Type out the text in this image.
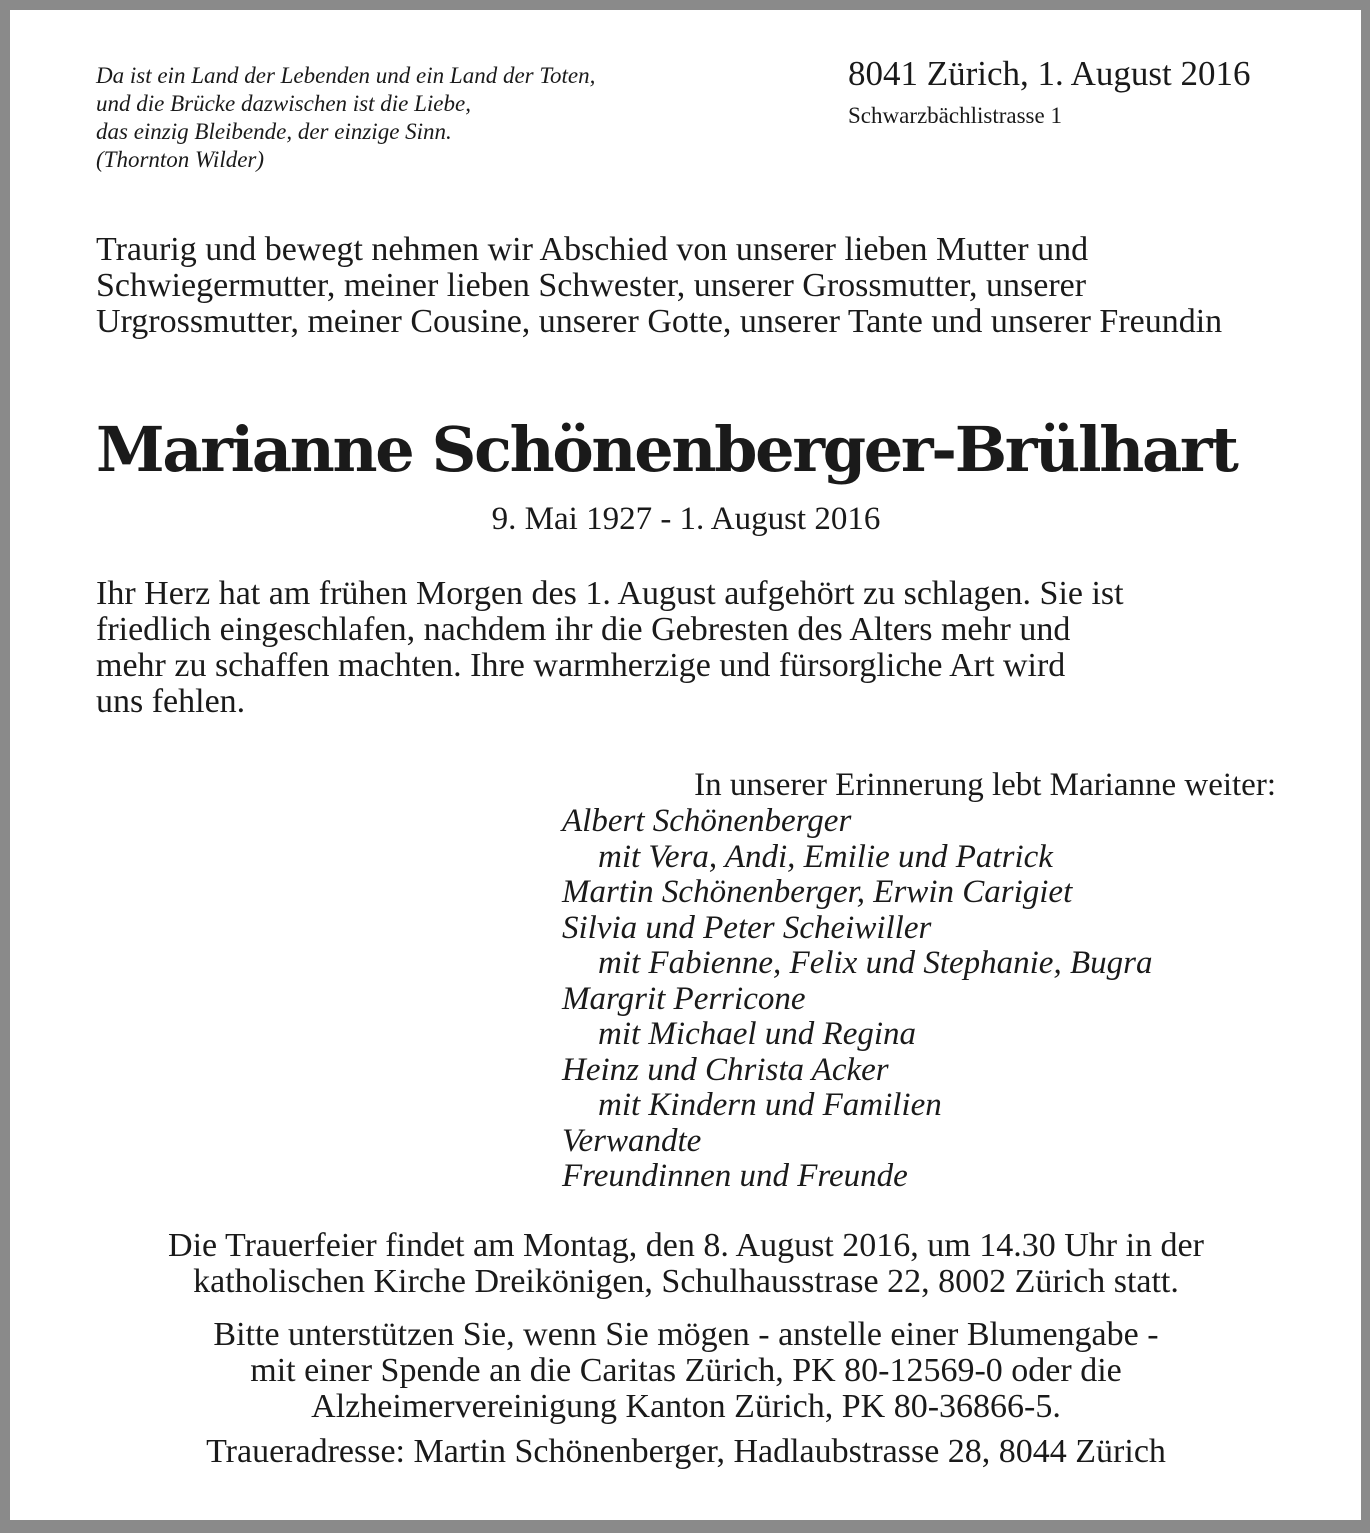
Da ist ein Land der Lebenden und ein Land der Toten,
und die Brücke dazwischen ist die Liebe,
das einzig Bleibende, der einzige Sinn.
(Thornton Wilder)
8041 Zürich, 1. August 2016
Schwarzbächlistrasse 1

Traurig und bewegt nehmen wir Abschied von unserer lieben Mutter und Schwiegermutter, meiner lieben Schwester, unserer Grossmutter, unserer Urgrossmutter, meiner Cousine, unserer Gotte, unserer Tante und unserer Freundin

Marianne Schönenberger-Brülhart
9. Mai 1927 - 1. August 2016
Ihr Herz hat am frühen Morgen des 1. August aufgehört zu schlagen. Sie ist
friedlich eingeschlafen, nachdem ihr die Gebresten des Alters mehr und
mehr zu schaffen machten. Ihre warmherzige und fürsorgliche Art wird
uns fehlen.
In unserer Erinnerung lebt Marianne weiter:
Albert Schönenberger
mit Vera, Andi, Emilie und Patrick
Martin Schönenberger, Erwin Carigiet
Silvia und Peter Scheiwiller
mit Fabienne, Felix und Stephanie, Bugra
Margrit Perricone
mit Michael und Regina
Heinz und Christa Acker
mit Kindern und Familien
Verwandte
Freundinnen und Freunde
Die Trauerfeier findet am Montag, den 8. August 2016, um 14.30 Uhr in der
katholischen Kirche Dreikönigen, Schulhausstrase 22, 8002 Zürich statt.
Bitte unterstützen Sie, wenn Sie mögen - anstelle einer Blumengabe -
mit einer Spende an die Caritas Zürich, PK 80-12569-0 oder die
Alzheimervereinigung Kanton Zürich, PK 80-36866-5.
Traueradresse: Martin Schönenberger, Hadlaubstrasse 28, 8044 Zürich
